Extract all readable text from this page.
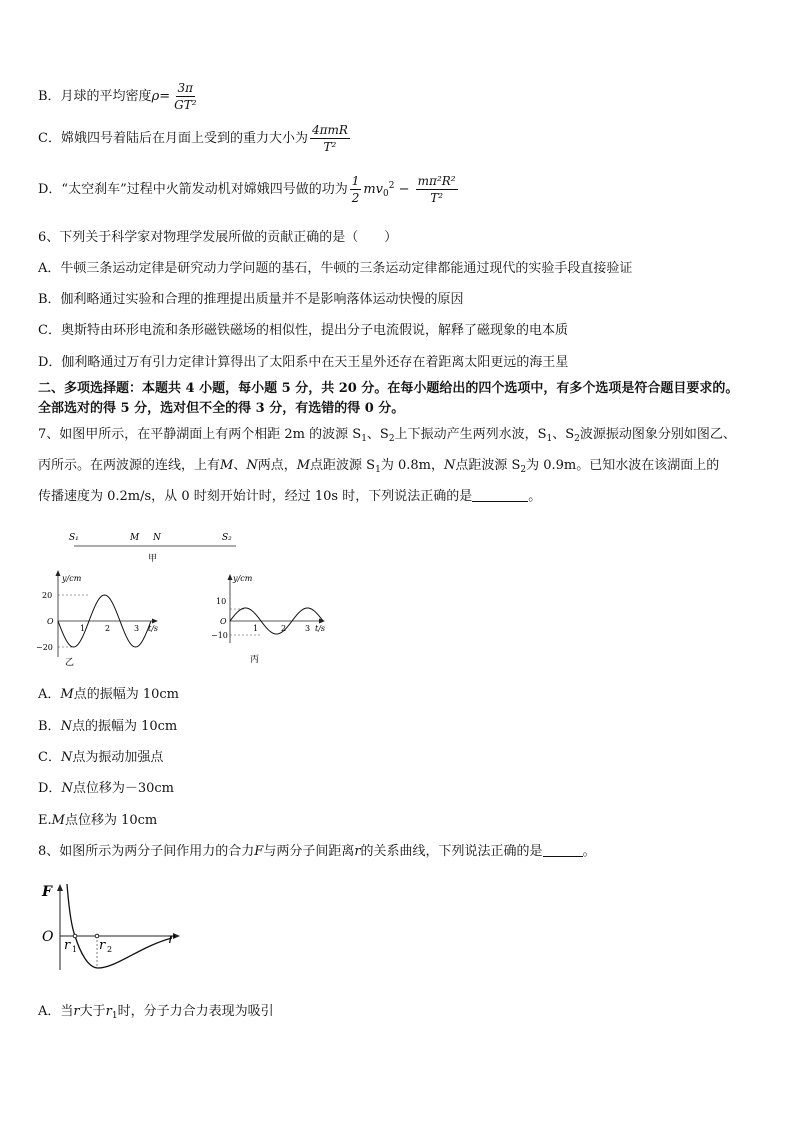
B．月球的平均密度$\rho= \frac{3\pi}{\text{GT²}}$
C．嫦娥四号着陆后在月面上受到的重力大小为 $\frac{\text{4πmR}}{\text{T²}}$
D．“太空刹车”过程中火箭发动机对嫦娥四号做的功为 $\frac{1}{2} mv_0^2 - \frac{\text{mπ²R²}}{\text{T²}}$
6、下列关于科学家对物理学发展所做的贡献正确的是（　　）
A．牛顿三条运动定律是研究动力学问题的基石，牛顿的三条运动定律都能通过现代的实验手段直接验证
B．伽利略通过实验和合理的推理提出质量并不是影响落体运动快慢的原因
C．奥斯特由环形电流和条形磁铁磁场的相似性，提出分子电流假说，解释了磁现象的电本质
D．伽利略通过万有引力定律计算得出了太阳系中在天王星外还存在着距离太阳更远的海王星
二、多项选择题：本题共 4 小题，每小题 5 分，共 20 分。在每小题给出的四个选项中，有多个选项是符合题目要求的。
全部选对的得 5 分，选对但不全的得 3 分，有选错的得 0 分。
7、如图甲所示，在平静湖面上有两个相距 2m 的波源 $S_1$、$S_2$上下振动产生两列水波，$S_1$、$S_2$波源振动图象分别如图乙、
丙所示。在两波源的连线，上有M、N两点，M点距波源 $S_1$为 0.8m，N点距波源 $S_2$为 0.9m。已知水波在该湖面上的
传播速度为 0.2m/s，从 0 时刻开始计时，经过 10s 时，下列说法正确的是	。
S₁	M N	S₂
甲
y/cm
20
−20
O
1 2	3 t/s
乙
y/cm
10
−10
O
1	2 3 t/s
丙
A．M点的振幅为 10cm
B．N点的振幅为 10cm
C．N点为振动加强点
D．N点位移为－30cm
E.M点位移为 10cm
8、如图所示为两分子间作用力的合力F与两分子间距离r的关系曲线，下列说法正确的是	。
F
O
r 1 r 2
r
A．当r大于$r_1$时，分子力合力表现为吸引
